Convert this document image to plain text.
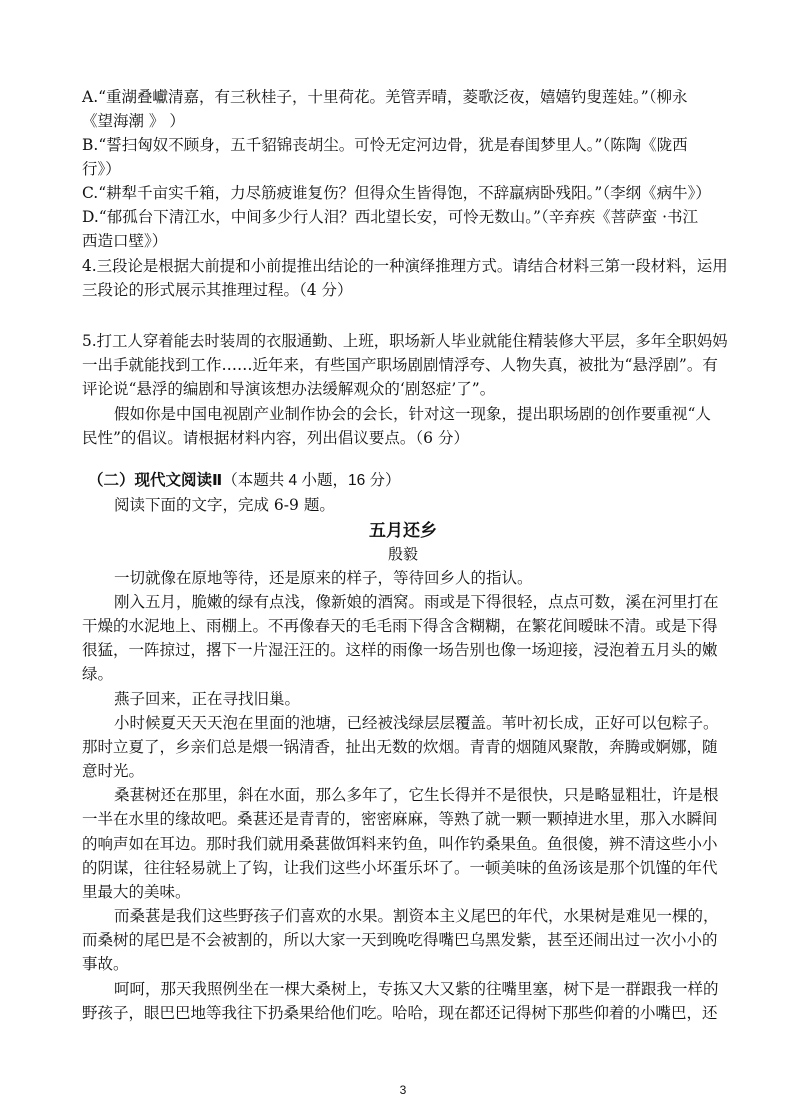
A.“重湖叠巘清嘉，有三秋桂子，十里荷花。羌管弄晴，菱歌泛夜，嬉嬉钓叟莲娃。”（柳永
《望海潮 》 ）
B.“誓扫匈奴不顾身，五千貂锦丧胡尘。可怜无定河边骨，犹是春闺梦里人。”（陈陶《陇西
行》）
C.“耕犁千亩实千箱，力尽筋疲谁复伤？但得众生皆得饱，不辞羸病卧残阳。”（李纲《病牛》）
D.“郁孤台下清江水，中间多少行人泪？西北望长安，可怜无数山。”（辛弃疾《菩萨蛮 ·书江
西造口壁》）
4.三段论是根据大前提和小前提推出结论的一种演绎推理方式。请结合材料三第一段材料，运用
三段论的形式展示其推理过程。（4 分）
5.打工人穿着能去时装周的衣服通勤、上班，职场新人毕业就能住精装修大平层，多年全职妈妈
一出手就能找到工作……近年来，有些国产职场剧剧情浮夸、人物失真，被批为“悬浮剧”。有
评论说“悬浮的编剧和导演该想办法缓解观众的‘剧怒症’了”。
假如你是中国电视剧产业制作协会的会长，针对这一现象，提出职场剧的创作要重视“人
民性”的倡议。请根据材料内容，列出倡议要点。（6 分）
（二）现代文阅读Ⅱ（本题共 4 小题，16 分）
阅读下面的文字，完成 6-9 题。
五月还乡
殷毅
一切就像在原地等待，还是原来的样子，等待回乡人的指认。
刚入五月，脆嫩的绿有点浅，像新娘的酒窝。雨或是下得很轻，点点可数，溪在河里打在
干燥的水泥地上、雨棚上。不再像春天的毛毛雨下得含含糊糊，在繁花间暧昧不清。或是下得
很猛，一阵掠过，撂下一片湿汪汪的。这样的雨像一场告别也像一场迎接，浸泡着五月头的嫩
绿。
燕子回来，正在寻找旧巢。
小时候夏天天天泡在里面的池塘，已经被浅绿层层覆盖。苇叶初长成，正好可以包粽子。
那时立夏了，乡亲们总是煨一锅清香，扯出无数的炊烟。青青的烟随风聚散，奔腾或婀娜，随
意时光。
桑葚树还在那里，斜在水面，那么多年了，它生长得并不是很快，只是略显粗壮，许是根
一半在水里的缘故吧。桑葚还是青青的，密密麻麻，等熟了就一颗一颗掉进水里，那入水瞬间
的响声如在耳边。那时我们就用桑葚做饵料来钓鱼，叫作钓桑果鱼。鱼很傻，辨不清这些小小
的阴谋，往往轻易就上了钩，让我们这些小坏蛋乐坏了。一顿美味的鱼汤该是那个饥馑的年代
里最大的美味。
而桑葚是我们这些野孩子们喜欢的水果。割资本主义尾巴的年代，水果树是难见一棵的，
而桑树的尾巴是不会被割的，所以大家一天到晚吃得嘴巴乌黑发紫，甚至还闹出过一次小小的
事故。
呵呵，那天我照例坐在一棵大桑树上，专拣又大又紫的往嘴里塞，树下是一群跟我一样的
野孩子，眼巴巴地等我往下扔桑果给他们吃。哈哈，现在都还记得树下那些仰着的小嘴巴，还
3
